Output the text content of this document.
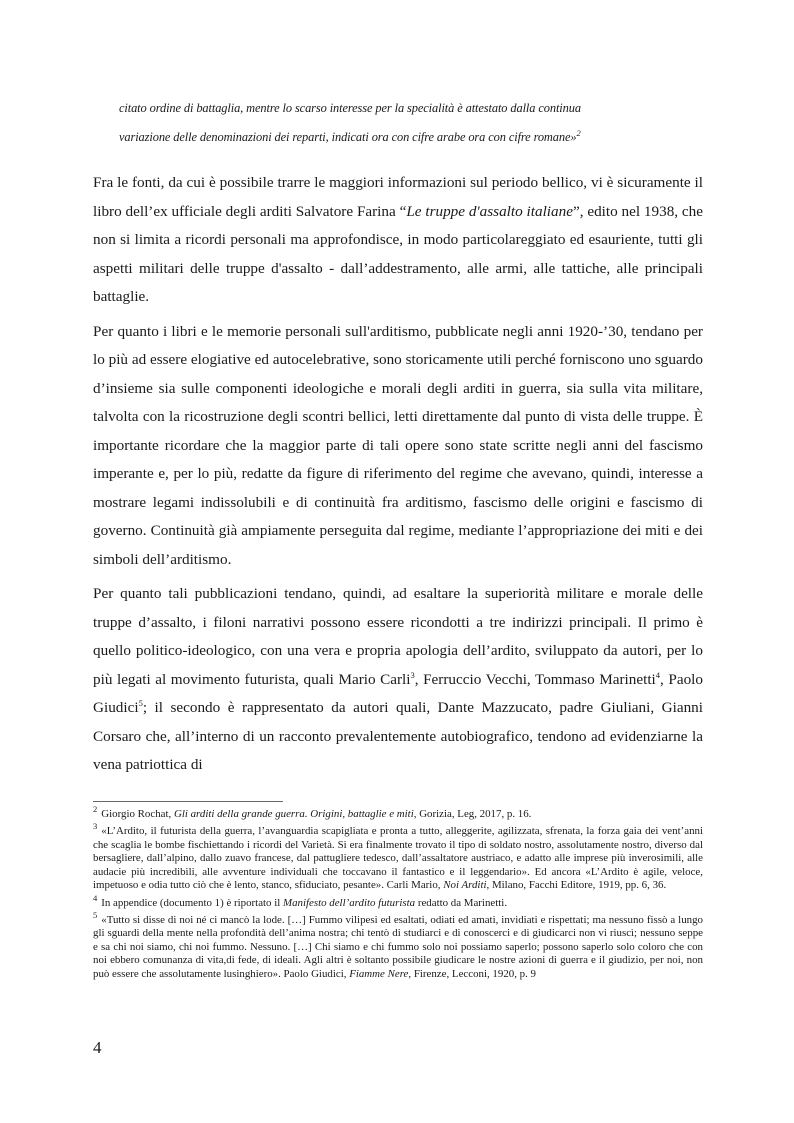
citato ordine di battaglia, mentre lo scarso interesse per la specialità è attestato dalla continua

variazione delle denominazioni dei reparti, indicati ora con cifre arabe ora con cifre romane»$^2$

Fra le fonti, da cui è possibile trarre le maggiori informazioni sul periodo bellico, vi è sicuramente il libro dell’ex ufficiale degli arditi Salvatore Farina “Le truppe d'assalto italiane”, edito nel 1938, che non si limita a ricordi personali ma approfondisce, in modo particolareggiato ed esauriente, tutti gli aspetti militari delle truppe d'assalto - dall’addestramento, alle armi, alle tattiche, alle principali battaglie.

Per quanto i libri e le memorie personali sull'arditismo, pubblicate negli anni 1920-’30, tendano per lo più ad essere elogiative ed autocelebrative, sono storicamente utili perché forniscono uno sguardo d’insieme sia sulle componenti ideologiche e morali degli arditi in guerra, sia sulla vita militare, talvolta con la ricostruzione degli scontri bellici, letti direttamente dal punto di vista delle truppe. È importante ricordare che la maggior parte di tali opere sono state scritte negli anni del fascismo imperante e, per lo più, redatte da figure di riferimento del regime che avevano, quindi, interesse a mostrare legami indissolubili e di continuità fra arditismo, fascismo delle origini e fascismo di governo. Continuità già ampiamente perseguita dal regime, mediante l’appropriazione dei miti e dei simboli dell’arditismo.

Per quanto tali pubblicazioni tendano, quindi, ad esaltare la superiorità militare e morale delle truppe d’assalto, i filoni narrativi possono essere ricondotti a tre indirizzi principali. Il primo è quello politico-ideologico, con una vera e propria apologia dell’ardito, sviluppato da autori, per lo più legati al movimento futurista, quali Mario Carli$^3$, Ferruccio Vecchi, Tommaso Marinetti$^4$, Paolo Giudici$^5$; il secondo è rappresentato da autori quali, Dante Mazzucato, padre Giuliani, Gianni Corsaro che, all’interno di un racconto prevalentemente autobiografico, tendono ad evidenziarne la vena patriottica di

$^2$ Giorgio Rochat, Gli arditi della grande guerra. Origini, battaglie e miti, Gorizia, Leg, 2017, p. 16.
$^3$ «L’Ardito, il futurista della guerra, l’avanguardia scapigliata e pronta a tutto, alleggerite, agilizzata, sfrenata, la forza gaia dei vent’anni che scaglia le bombe fischiettando i ricordi del Varietà. Si era finalmente trovato il tipo di soldato nostro, assolutamente nostro, diverso dal bersagliere, dall’alpino, dallo zuavo francese, dal pattugliere tedesco, dall’assaltatore austriaco, e adatto alle imprese più inverosimili, alle audacie più incredibili, alle avventure individuali che toccavano il fantastico e il leggendario». Ed ancora «L’Ardito è agile, veloce, impetuoso e odia tutto ciò che è lento, stanco, sfiduciato, pesante». Carli Mario, Noi Arditi, Milano, Facchi Editore, 1919, pp. 6, 36.
$^4$ In appendice (documento 1) è riportato il Manifesto dell’ardito futurista redatto da Marinetti.
$^5$ «Tutto si disse di noi né ci mancò la lode. […] Fummo vilipesi ed esaltati, odiati ed amati, invidiati e rispettati; ma nessuno fissò a lungo gli sguardi della mente nella profondità dell’anima nostra; chi tentò di studiarci e di conoscerci e di giudicarci non vi riuscì; nessuno seppe e sa chi noi siamo, chi noi fummo. Nessuno. […] Chi siamo e chi fummo solo noi possiamo saperlo; possono saperlo solo coloro che con noi ebbero comunanza di vita,di fede, di ideali. Agli altri è soltanto possibile giudicare le nostre azioni di guerra e il giudizio, per noi, non può essere che assolutamente lusinghiero». Paolo Giudici, Fiamme Nere, Firenze, Lecconi, 1920, p. 9
4
